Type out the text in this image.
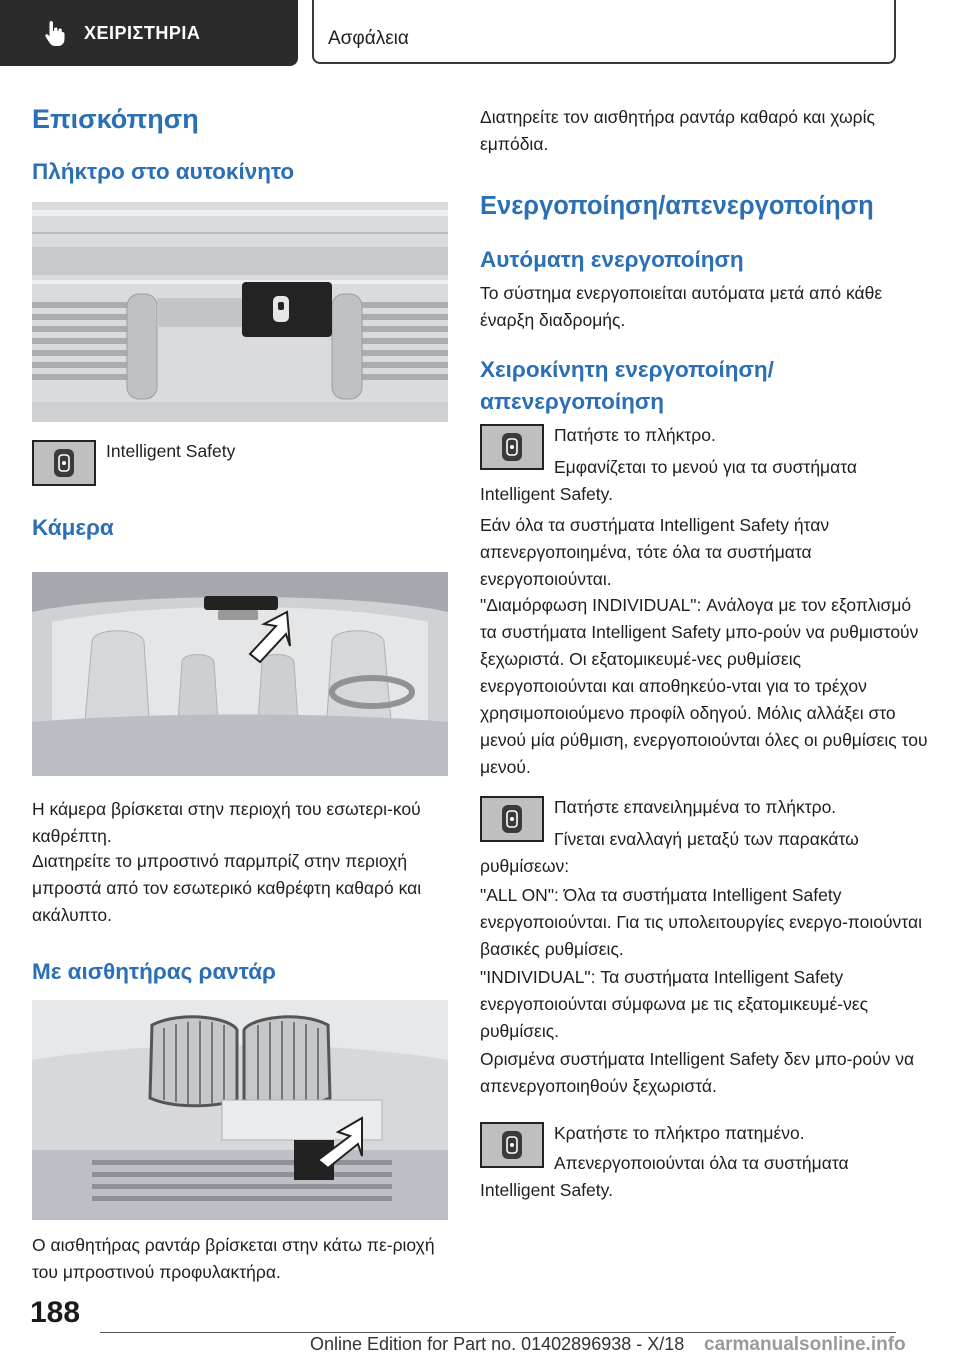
ΧΕΙΡΙΣΤΗΡΙΑ	Ασφάλεια
Επισκόπηση
Πλήκτρο στο αυτοκίνητο
Intelligent Safety
Κάμερα
Η κάμερα βρίσκεται στην περιοχή του εσωτερι-κού καθρέπτη.
Διατηρείτε το μπροστινό παρμπρίζ στην περιοχή μπροστά από τον εσωτερικό καθρέφτη καθαρό και ακάλυπτο.
Με αισθητήρας ραντάρ
Ο αισθητήρας ραντάρ βρίσκεται στην κάτω πε-ριοχή του μπροστινού προφυλακτήρα.
Διατηρείτε τον αισθητήρα ραντάρ καθαρό και χωρίς εμπόδια.
Ενεργοποίηση/απενεργοποίηση
Αυτόματη ενεργοποίηση
Το σύστημα ενεργοποιείται αυτόματα μετά από κάθε έναρξη διαδρομής.
Χειροκίνητη ενεργοποίηση/ απενεργοποίηση
Πατήστε το πλήκτρο.
Εμφανίζεται το μενού για τα συστήματα Intelligent Safety.
Εάν όλα τα συστήματα Intelligent Safety ήταν απενεργοποιημένα, τότε όλα τα συστήματα ενεργοποιούνται.
"Διαμόρφωση INDIVIDUAL": Ανάλογα με τον εξοπλισμό τα συστήματα Intelligent Safety μπο-ρούν να ρυθμιστούν ξεχωριστά. Οι εξατομικευμέ-νες ρυθμίσεις ενεργοποιούνται και αποθηκεύο-νται για το τρέχον χρησιμοποιούμενο προφίλ οδηγού. Μόλις αλλάξει στο μενού μία ρύθμιση, ενεργοποιούνται όλες οι ρυθμίσεις του μενού.
Πατήστε επανειλημμένα το πλήκτρο.
Γίνεται εναλλαγή μεταξύ των παρακάτω ρυθμίσεων:
"ALL ON": Όλα τα συστήματα Intelligent Safety ενεργοποιούνται. Για τις υπολειτουργίες ενεργο-ποιούνται βασικές ρυθμίσεις.
"INDIVIDUAL": Τα συστήματα Intelligent Safety ενεργοποιούνται σύμφωνα με τις εξατομικευμέ-νες ρυθμίσεις.
Ορισμένα συστήματα Intelligent Safety δεν μπο-ρούν να απενεργοποιηθούν ξεχωριστά.
Κρατήστε το πλήκτρο πατημένο.
Απενεργοποιούνται όλα τα συστήματα Intelligent Safety.
188
Online Edition for Part no. 01402896938 - X/18 carmanualsonline.info
